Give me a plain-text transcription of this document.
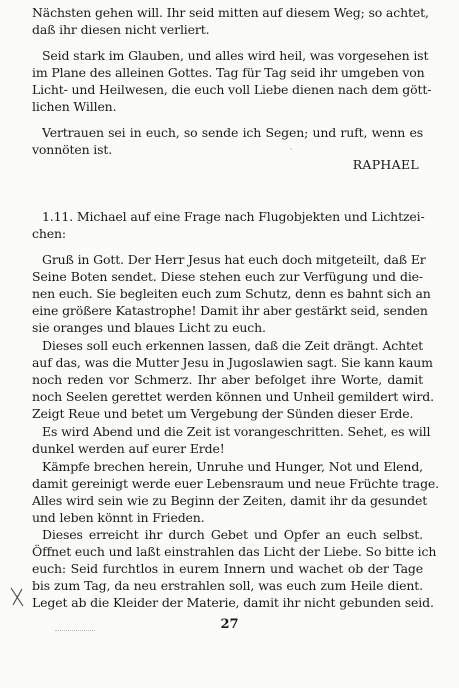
Nächsten gehen will. Ihr seid mitten auf diesem Weg; so achtet,
daß ihr diesen nicht verliert.
Seid stark im Glauben, und alles wird heil, was vorgesehen ist
im Plane des alleinen Gottes. Tag für Tag seid ihr umgeben von
Licht- und Heilwesen, die euch voll Liebe dienen nach dem gött-
lichen Willen.
Vertrauen sei in euch, so sende ich Segen; und ruft, wenn es
vonnöten ist.	·
RAPHAEL
1.11. Michael auf eine Frage nach Flugobjekten und Lichtzei-
chen:
Gruß in Gott. Der Herr Jesus hat euch doch mitgeteilt, daß Er
Seine Boten sendet. Diese stehen euch zur Verfügung und die-
nen euch. Sie begleiten euch zum Schutz, denn es bahnt sich an
eine größere Katastrophe! Damit ihr aber gestärkt seid, senden
sie oranges und blaues Licht zu euch.
Dieses soll euch erkennen lassen, daß die Zeit drängt. Achtet
auf das, was die Mutter Jesu in Jugoslawien sagt. Sie kann kaum
noch reden vor Schmerz. Ihr aber befolget ihre Worte, damit
noch Seelen gerettet werden können und Unheil gemildert wird.
Zeigt Reue und betet um Vergebung der Sünden dieser Erde.
Es wird Abend und die Zeit ist vorangeschritten. Sehet, es will
dunkel werden auf eurer Erde!
Kämpfe brechen herein, Unruhe und Hunger, Not und Elend,
damit gereinigt werde euer Lebensraum und neue Früchte trage.
Alles wird sein wie zu Beginn der Zeiten, damit ihr da gesundet
und leben könnt in Frieden.
Dieses erreicht ihr durch Gebet und Opfer an euch selbst.
Öffnet euch und laßt einstrahlen das Licht der Liebe. So bitte ich
euch: Seid furchtlos in eurem Innern und wachet ob der Tage
bis zum Tag, da neu erstrahlen soll, was euch zum Heile dient.
27
Leget ab die Kleider der Materie, damit ihr nicht gebunden seid.
